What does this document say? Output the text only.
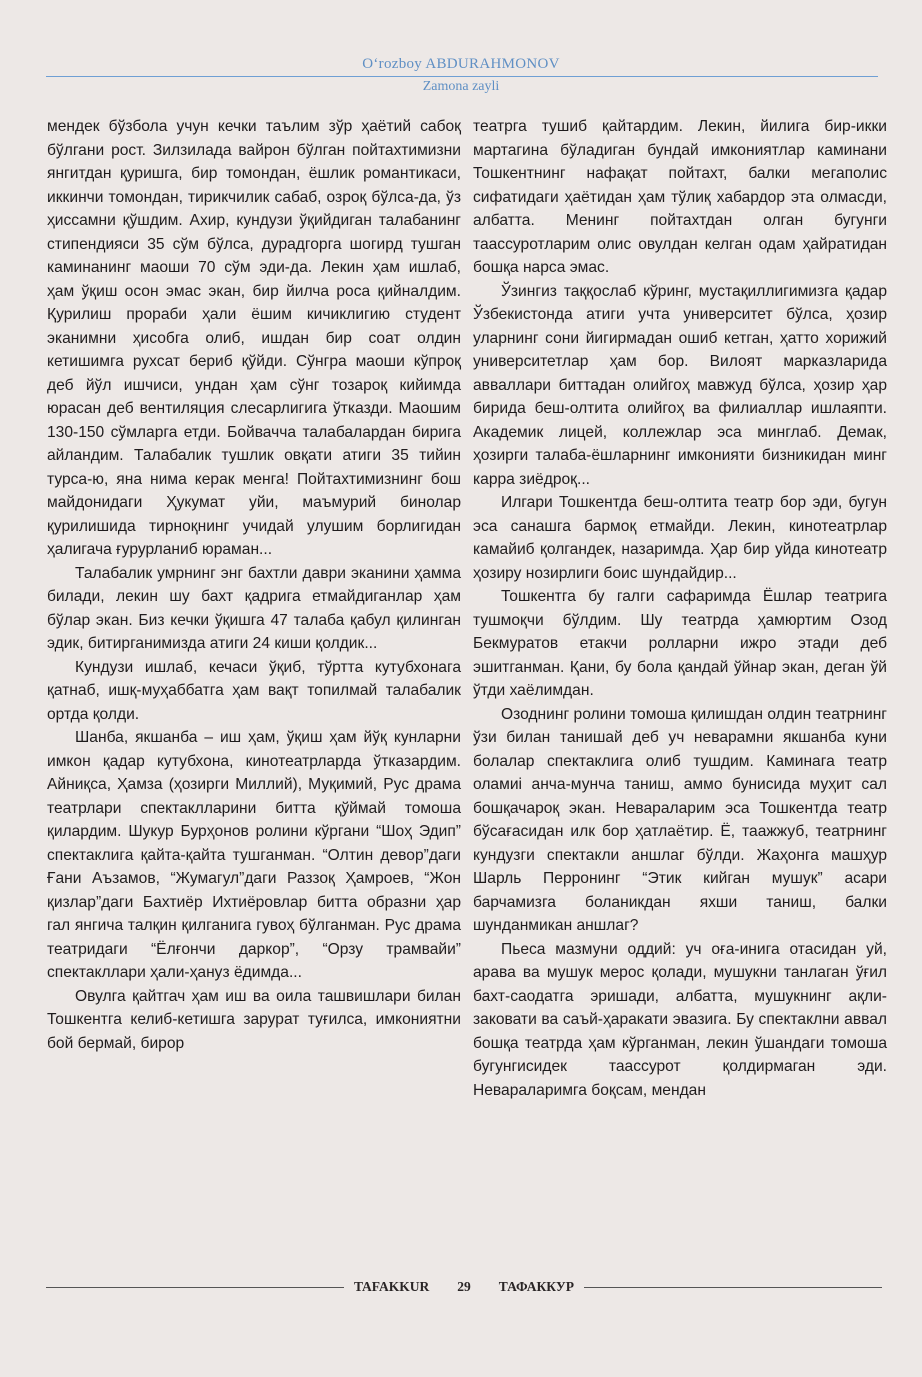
O‘rozboy ABDURAHMONOV
Zamona zayli

мендек бўзбола учун кечки таълим зўр ҳаётий сабоқ бўлгани рост. Зилзилада вайрон бўлган пойтахтимизни янгитдан қуришга, бир томондан, ёшлик романтикаси, иккинчи томондан, тирикчилик сабаб, озроқ бўлса-да, ўз ҳиссамни қўшдим. Ахир, кундузи ўқийдиган талабанинг стипендияси 35 сўм бўлса, дурадгорга шогирд тушган каминанинг маоши 70 сўм эди-да. Лекин ҳам ишлаб, ҳам ўқиш осон эмас экан, бир йилча роса қийналдим. Қурилиш прораби ҳали ёшим кичиклигию студент эканимни ҳисобга олиб, ишдан бир соат олдин кетишимга рухсат бериб қўйди. Сўнгра маоши кўпроқ деб йўл ишчиси, ундан ҳам сўнг тозароқ кийимда юрасан деб вентиляция слесарлигига ўтказди. Маошим 130-150 сўмларга етди. Бойвачча талабалардан бирига айландим. Талабалик тушлик овқати атиги 35 тийин турса-ю, яна нима керак менга! Пойтахтимизнинг бош майдонидаги Ҳукумат уйи, маъмурий бинолар қурилишида тирноқнинг учидай улушим борлигидан ҳалигача ғурурланиб юраман...

Талабалик умрнинг энг бахтли даври эканини ҳамма билади, лекин шу бахт қадрига етмайдиганлар ҳам бўлар экан. Биз кечки ўқишга 47 талаба қабул қилинган эдик, битирганимизда атиги 24 киши қолдик...

Кундузи ишлаб, кечаси ўқиб, тўртта кутубхонага қатнаб, ишқ-муҳаббатга ҳам вақт топилмай талабалик ортда қолди.

Шанба, якшанба – иш ҳам, ўқиш ҳам йўқ кунларни имкон қадар кутубхона, кинотеатрларда ўтказардим. Айниқса, Ҳамза (ҳозирги Миллий), Муқимий, Рус драма театрлари спектаклларини битта қўймай томоша қилардим. Шукур Бурҳонов ролини кўргани “Шоҳ Эдип” спектаклига қайта-қайта тушганман. “Олтин девор”даги Ғани Аъзамов, “Жумагул”даги Раззоқ Ҳамроев, “Жон қизлар”даги Бахтиёр Ихтиёровлар битта образни ҳар гал янгича талқин қилганига гувоҳ бўлганман. Рус драма театридаги “Ёлғончи даркор”, “Орзу трамвайи” спектакллари ҳали-ҳануз ёдимда...

Овулга қайтгач ҳам иш ва оила ташвишлари билан Тошкентга келиб-кетишга зарурат туғилса, имкониятни бой бермай, бирор

театрга тушиб қайтардим. Лекин, йилига бир-икки мартагина бўладиган бундай имкониятлар каминани Тошкентнинг нафақат пойтахт, балки мегаполис сифатидаги ҳаётидан ҳам тўлиқ хабардор эта олмасди, албатта. Менинг пойтахтдан олган бугунги таассуротларим олис овулдан келган одам ҳайратидан бошқа нарса эмас.

Ўзингиз таққослаб кўринг, мустақиллигимизга қадар Ўзбекистонда атиги учта университет бўлса, ҳозир уларнинг сони йигирмадан ошиб кетган, ҳатто хорижий университетлар ҳам бор. Вилоят марказларида авваллари биттадан олийгоҳ мавжуд бўлса, ҳозир ҳар бирида беш-олтита олийгоҳ ва филиаллар ишлаяпти. Академик лицей, коллежлар эса минглаб. Демак, ҳозирги талаба-ёшларнинг имконияти бизникидан минг карра зиёдроқ...

Илгари Тошкентда беш-олтита театр бор эди, бугун эса санашга бармоқ етмайди. Лекин, кинотеатрлар камайиб қолгандек, назаримда. Ҳар бир уйда кинотеатр ҳозиру нозирлиги боис шундайдир...

Тошкентга бу галги сафаримда Ёшлар театрига тушмоқчи бўлдим. Шу театрда ҳамюртим Озод Бекмуратов етакчи ролларни ижро этади деб эшитганман. Қани, бу бола қандай ўйнар экан, деган ўй ўтди хаёлимдан.

Озоднинг ролини томоша қилишдан олдин театрнинг ўзи билан танишай деб уч неварамни якшанба куни болалар спектаклига олиб тушдим. Каминага театр оламиi анча-мунча таниш, аммо бунисида муҳит сал бошқачароқ экан. Невараларим эса Тошкентда театр бўсағасидан илк бор ҳатлаётир. Ё, таажжуб, театрнинг кундузги спектакли аншлаг бўлди. Жаҳонга машҳур Шарль Перронинг “Этик кийган мушук” асари барчамизга боланикдан яхши таниш, балки шунданмикан аншлаг?

Пьеса мазмуни оддий: уч оға-инига отасидан уй, арава ва мушук мерос қолади, мушукни танлаган ўғил бахт-саодатга эришади, албатта, мушукнинг ақли-заковати ва саъй-ҳаракати эвазига. Бу спектаклни аввал бошқа театрда ҳам кўрганман, лекин ўшандаги томоша бугунгисидек таассурот қолдирмаган эди. Невараларимга боқсам, мендан

TAFAKKUR	29	ТАФАККУР
